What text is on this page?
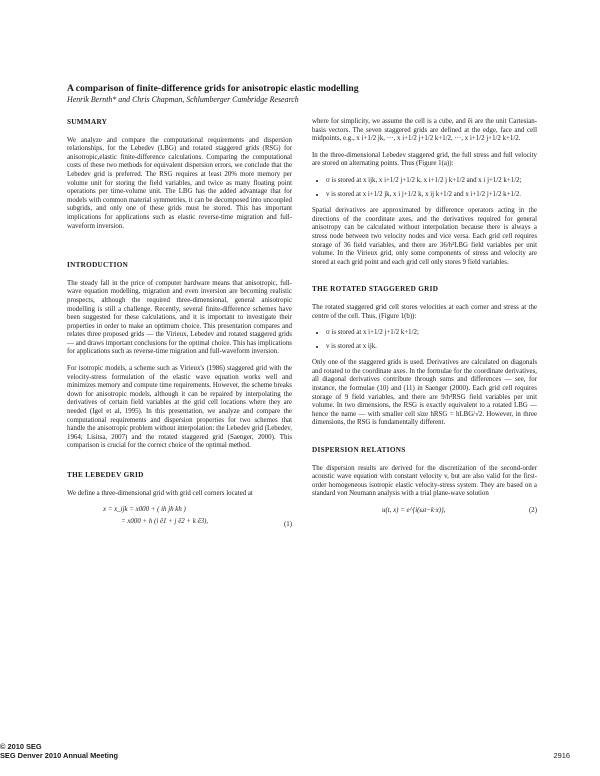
A comparison of finite-difference grids for anisotropic elastic modelling
Henrik Bernth* and Chris Chapman, Schlumberger Cambridge Research
SUMMARY
We analyze and compare the computational requirements and dispersion relationships, for the Lebedev (LBG) and rotated staggered grids (RSG) for anisotropic,elastic finite-difference calculations. Comparing the computational costs of these two methods for equivalent dispersion errors, we conclude that the Lebedev grid is preferred. The RSG requires at least 20% more memory per volume unit for storing the field variables, and twice as many floating point operations per time-volume unit. The LBG has the added advantage that for models with common material symmetries, it can be decomposed into uncoupled subgrids, and only one of these grids must be stored. This has important implications for applications such as elastic reverse-time migration and full-waveform inversion.
INTRODUCTION
The steady fall in the price of computer hardware means that anisotropic, full-wave equation modelling, migration and even inversion are becoming realistic prospects, although the required three-dimensional, general anisotropic modelling is still a challenge. Recently, several finite-difference schemes have been suggested for these calculations, and it is important to investigate their properties in order to make an optimum choice. This presentation compares and relates three proposed grids — the Virieux, Lebedev and rotated staggered grids — and draws important conclusions for the optimal choice. This has implications for applications such as reverse-time migration and full-waveform inversion.
For isotropic models, a scheme such as Virieux's (1986) staggered grid with the velocity-stress formulation of the elastic wave equation works well and minimizes memory and compute time requirements. However, the scheme breaks down for anisotropic models, although it can be repaired by interpolating the derivatives of certain field variables at the grid cell locations where they are needed (Igel et al, 1995). In this presentation, we analyze and compare the computational requirements and dispersion properties for two schemes that handle the anisotropic problem without interpolation: the Lebedev grid (Lebedev, 1964; Lisitsa, 2007) and the rotated staggered grid (Saenger, 2000). This comparison is crucial for the correct choice of the optimal method.
THE LEBEDEV GRID
We define a three-dimensional grid with grid cell corners located at
x = x_ijk = x000 + ( ih jh kh )
= x000 + h (i ê1 + j ê2 + k ê3),	(1)
where for simplicity, we assume the cell is a cube, and êi are the unit Cartesian-basis vectors. The seven staggered grids are defined at the edge, face and cell midpoints, e.g., x i+1/2 jk, ···, x i+1/2 j+1/2 k+1/2, ···, x i+1/2 j+1/2 k+1/2.
In the three-dimensional Lebedev staggered grid, the full stress and full velocity are stored on alternating points. Thus (Figure 1(a)):
• σ is stored at x ijk, x i+1/2 j+1/2 k, x i+1/2 j k+1/2 and x i j+1/2 k+1/2;
• v is stored at x i+1/2 jk, x i j+1/2 k, x ij k+1/2 and x i+1/2 j+1/2 k+1/2.
Spatial derivatives are approximated by difference operators acting in the directions of the coordinate axes, and the derivatives required for general anisotropy can be calculated without interpolation because there is always a stress node between two velocity nodes and vice versa. Each grid cell requires storage of 36 field variables, and there are 36/h³LBG field variables per unit volume. In the Virieux grid, only some components of stress and velocity are stored at each grid point and each grid cell only stores 9 field variables.
THE ROTATED STAGGERED GRID
The rotated staggered grid cell stores velocities at each corner and stress at the centre of the cell. Thus, (Figure 1(b)):
• σ is stored at x i+1/2 j+1/2 k+1/2;
• v is stored at x ijk.
Only one of the staggered grids is used. Derivatives are calculated on diagonals and rotated to the coordinate axes. In the formulae for the coordinate derivatives, all diagonal derivatives contribute through sums and differences — see, for instance, the formulae (10) and (11) in Saenger (2000). Each grid cell requires storage of 9 field variables, and there are 9/h³RSG field variables per unit volume. In two dimensions, the RSG is exactly equivalent to a rotated LBG — hence the name — with smaller cell size hRSG = hLBG/√2. However, in three dimensions, the RSG is fundamentally different.
DISPERSION RELATIONS
The dispersion results are derived for the discretization of the second-order acoustic wave equation with constant velocity v, but are also valid for the first-order homogeneous isotropic elastic velocity-stress system. They are based on a standard von Neumann analysis with a trial plane-wave solution
u(t, x) = e^{i(ωt−k·x)},	(2)
© 2010 SEG
SEG Denver 2010 Annual Meeting	2916
